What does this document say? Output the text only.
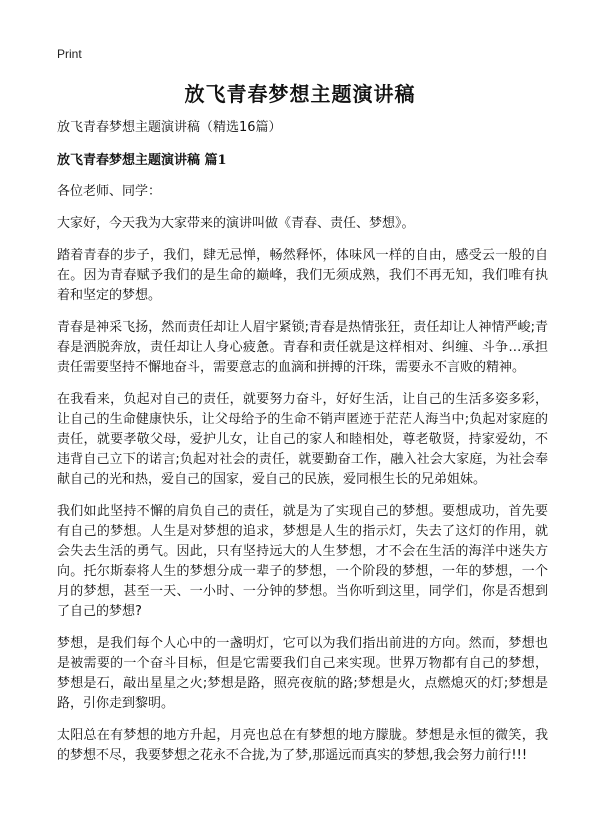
Print
放飞青春梦想主题演讲稿

放飞青春梦想主题演讲稿（精选16篇）

放飞青春梦想主题演讲稿 篇1

各位老师、同学：

大家好，今天我为大家带来的演讲叫做《青春、责任、梦想》。

踏着青春的步子，我们，肆无忌惮，畅然释怀，体味风一样的自由，感受云一般的自在。因为青春赋予我们的是生命的巅峰，我们无须成熟，我们不再无知，我们唯有执着和坚定的梦想。

青春是神采飞扬，然而责任却让人眉宇紧锁;青春是热情张狂，责任却让人神情严峻;青春是洒脱奔放，责任却让人身心疲惫。青春和责任就是这样相对、纠缠、斗争…承担责任需要坚持不懈地奋斗，需要意志的血滴和拼搏的汗珠，需要永不言败的精神。

在我看来，负起对自己的责任，就要努力奋斗，好好生活，让自己的生活多姿多彩，让自己的生命健康快乐，让父母给予的生命不销声匿迹于茫茫人海当中;负起对家庭的责任，就要孝敬父母，爱护儿女，让自己的家人和睦相处，尊老敬贤，持家爱幼，不违背自己立下的诺言;负起对社会的责任，就要勤奋工作，融入社会大家庭，为社会奉献自己的光和热，爱自己的国家，爱自己的民族，爱同根生长的兄弟姐妹。

我们如此坚持不懈的肩负自己的责任，就是为了实现自己的梦想。要想成功，首先要有自己的梦想。人生是对梦想的追求，梦想是人生的指示灯，失去了这灯的作用，就会失去生活的勇气。因此，只有坚持远大的人生梦想，才不会在生活的海洋中迷失方向。托尔斯泰将人生的梦想分成一辈子的梦想，一个阶段的梦想，一年的梦想，一个月的梦想，甚至一天、一小时、一分钟的梦想。当你听到这里，同学们，你是否想到了自己的梦想?

梦想，是我们每个人心中的一盏明灯，它可以为我们指出前进的方向。然而，梦想也是被需要的一个奋斗目标，但是它需要我们自己来实现。世界万物都有自己的梦想，梦想是石，敲出星星之火;梦想是路，照亮夜航的路;梦想是火，点燃熄灭的灯;梦想是路，引你走到黎明。

太阳总在有梦想的地方升起，月亮也总在有梦想的地方朦胧。梦想是永恒的微笑，我的梦想不尽，我要梦想之花永不合拢,为了梦,那遥远而真实的梦想,我会努力前行!!!
